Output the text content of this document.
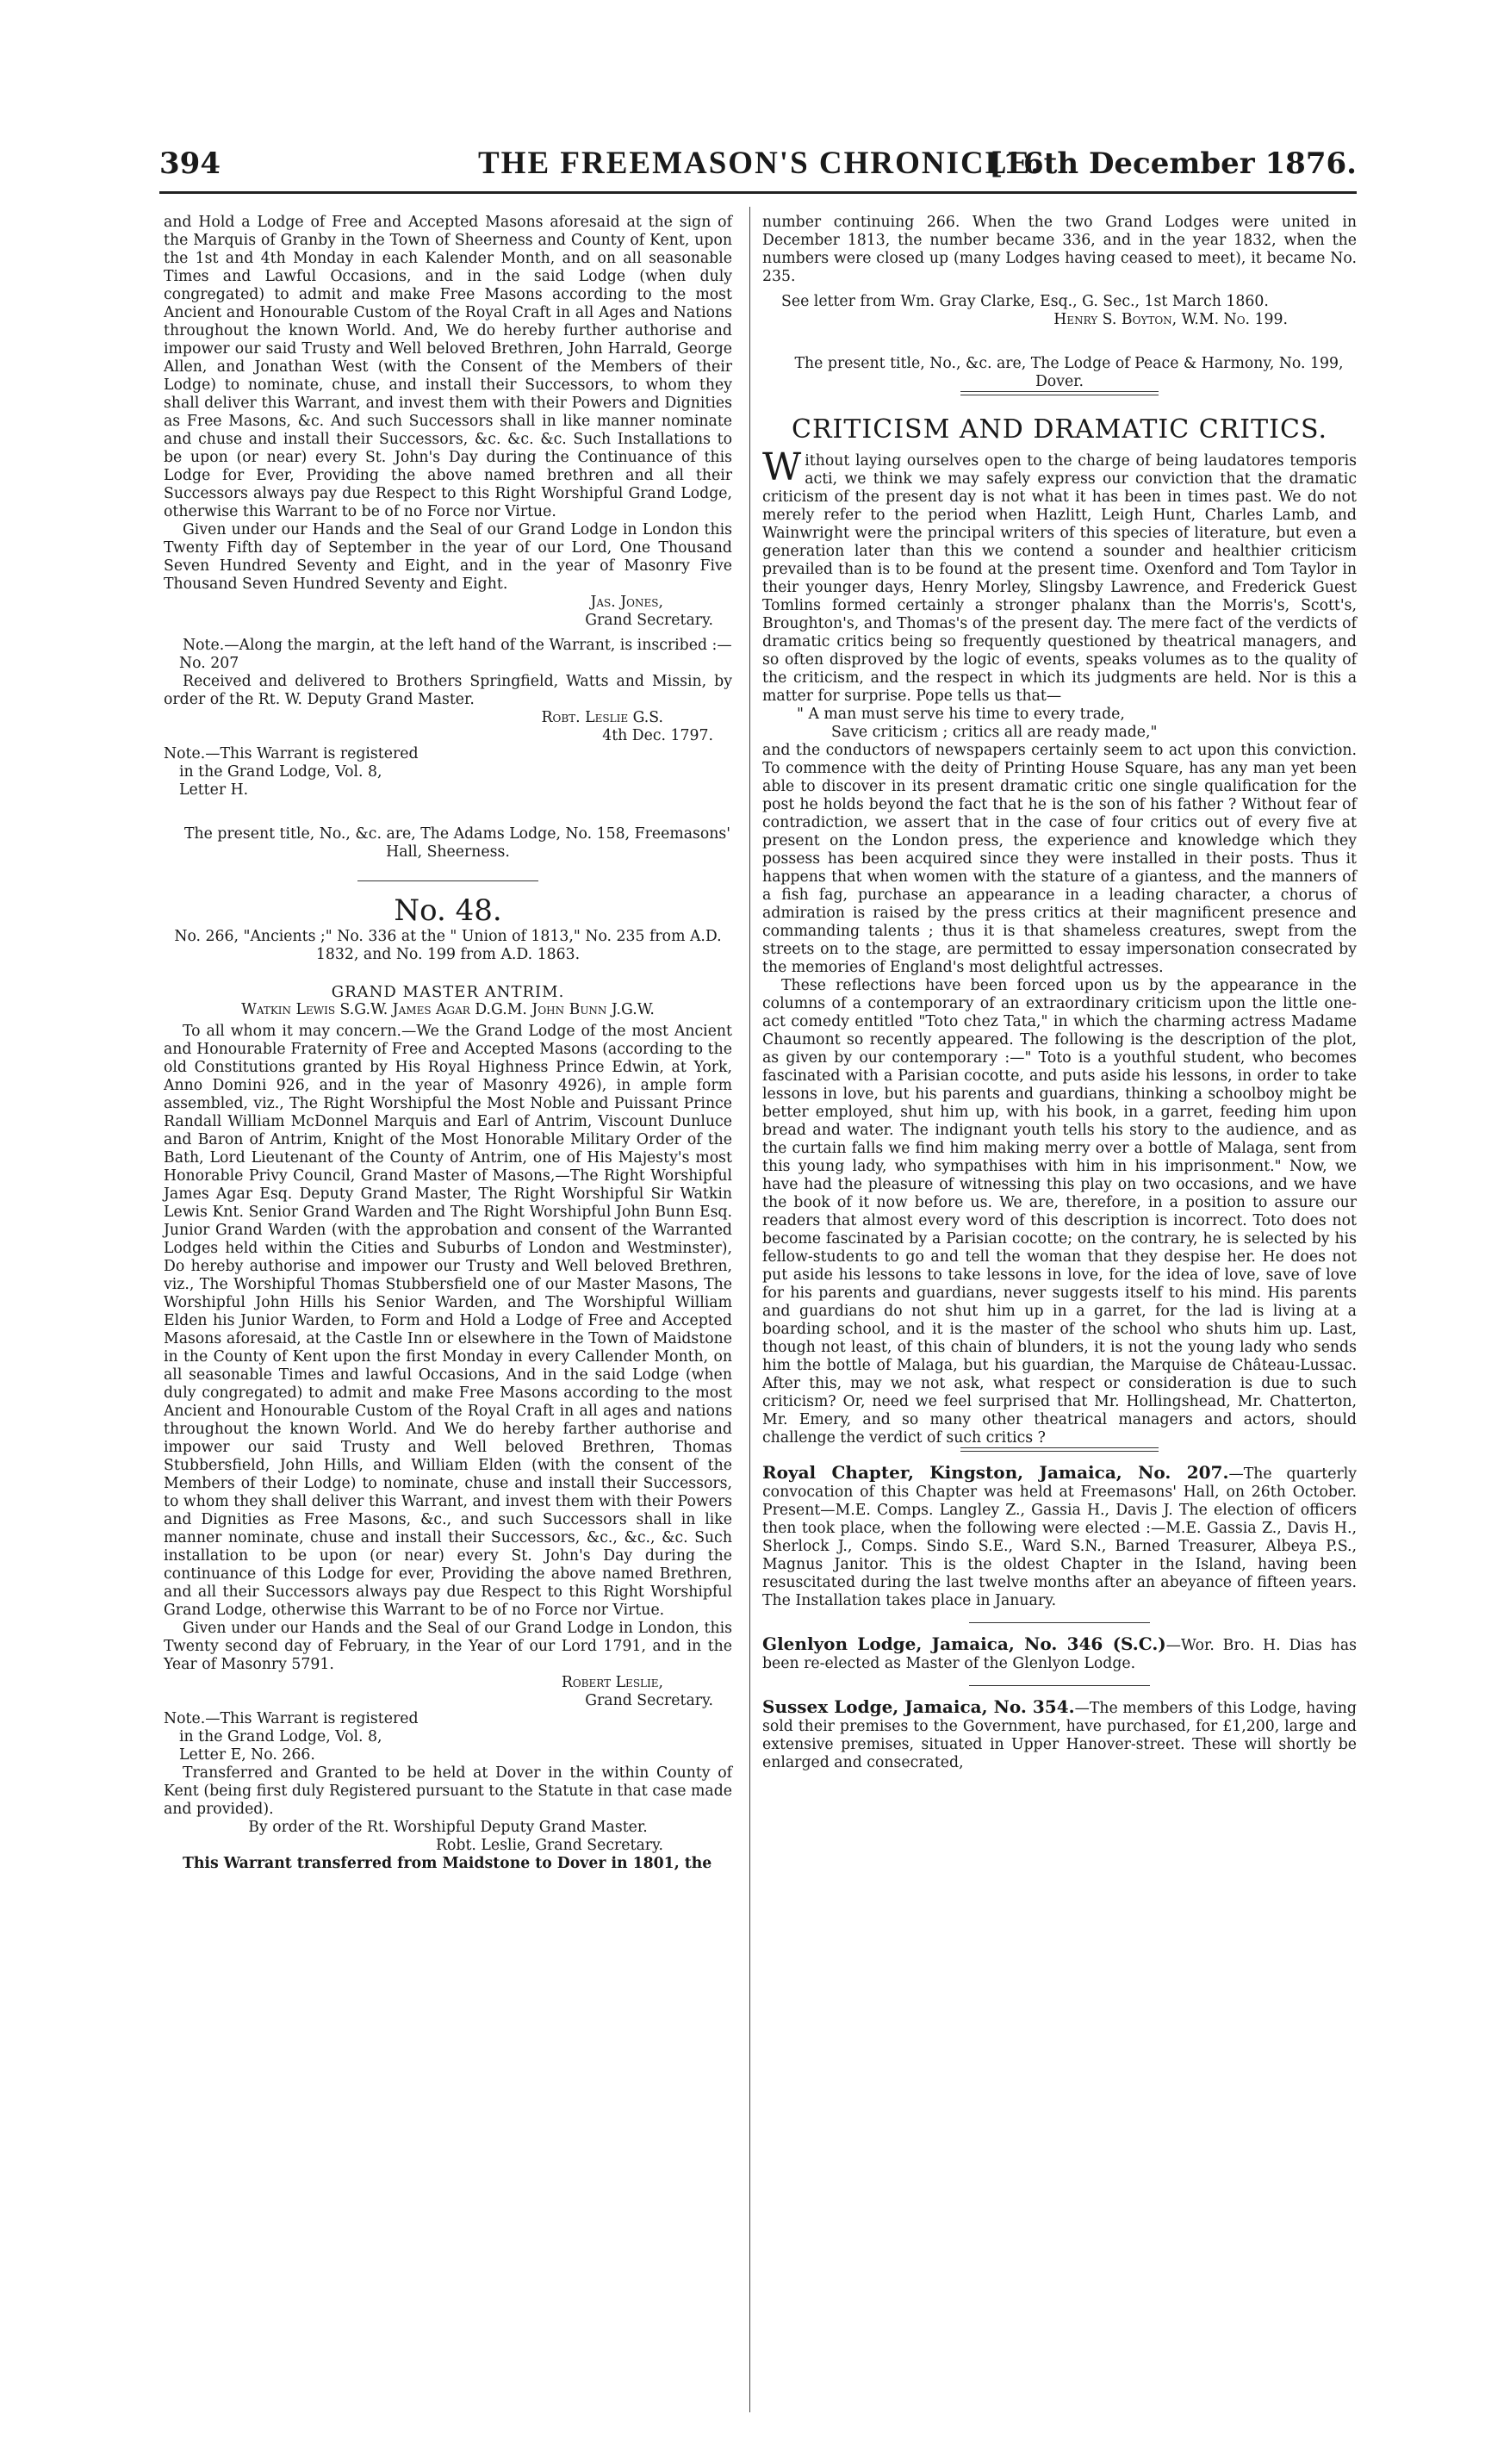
394	THE FREEMASON'S CHRONICLE.
[16th December 1876.

and Hold a Lodge of Free and Accepted Masons aforesaid at the sign of the Marquis of Granby in the Town of Sheerness and County of Kent, upon the 1st and 4th Monday in each Kalender Month, and on all seasonable Times and Lawful Occasions, and in the said Lodge (when duly congregated) to admit and make Free Masons according to the most Ancient and Honourable Custom of the Royal Craft in all Ages and Nations throughout the known World. And, We do hereby further authorise and impower our said Trusty and Well beloved Brethren, John Harrald, George Allen, and Jonathan West (with the Consent of the Members of their Lodge) to nominate, chuse, and install their Successors, to whom they shall deliver this Warrant, and invest them with their Powers and Dignities as Free Masons, &c. And such Successors shall in like manner nominate and chuse and install their Successors, &c. &c. &c. Such Installations to be upon (or near) every St. John's Day during the Continuance of this Lodge for Ever, Providing the above named brethren and all their Successors always pay due Respect to this Right Worshipful Grand Lodge, otherwise this Warrant to be of no Force nor Virtue.

Given under our Hands and the Seal of our Grand Lodge in London this Twenty Fifth day of September in the year of our Lord, One Thousand Seven Hundred Seventy and Eight, and in the year of Masonry Five Thousand Seven Hundred Seventy and Eight.

Jas. Jones,

Grand Secretary.

Note.—Along the margin, at the left hand of the Warrant, is inscribed :—

No. 207

Received and delivered to Brothers Springfield, Watts and Missin, by order of the Rt. W. Deputy Grand Master.

Robt. Leslie G.S.

4th Dec. 1797.

Note.—This Warrant is registered

in the Grand Lodge, Vol. 8,

Letter H.

The present title, No., &c. are, The Adams Lodge, No. 158, Freemasons' Hall, Sheerness.

No. 48.

No. 266, "Ancients ;" No. 336 at the " Union of 1813," No. 235 from A.D. 1832, and No. 199 from A.D. 1863.

GRAND MASTER ANTRIM.

Watkin Lewis S.G.W. James Agar D.G.M. John Bunn J.G.W.

To all whom it may concern.—We the Grand Lodge of the most Ancient and Honourable Fraternity of Free and Accepted Masons (according to the old Constitutions granted by His Royal Highness Prince Edwin, at York, Anno Domini 926, and in the year of Masonry 4926), in ample form assembled, viz., The Right Worshipful the Most Noble and Puissant Prince Randall William McDonnel Marquis and Earl of Antrim, Viscount Dunluce and Baron of Antrim, Knight of the Most Honorable Military Order of the Bath, Lord Lieutenant of the County of Antrim, one of His Majesty's most Honorable Privy Council, Grand Master of Masons,—The Right Worshipful James Agar Esq. Deputy Grand Master, The Right Worshipful Sir Watkin Lewis Knt. Senior Grand Warden and The Right Worshipful John Bunn Esq. Junior Grand Warden (with the approbation and consent of the Warranted Lodges held within the Cities and Suburbs of London and Westminster), Do hereby authorise and impower our Trusty and Well beloved Brethren, viz., The Worshipful Thomas Stubbersfield one of our Master Masons, The Worshipful John Hills his Senior Warden, and The Worshipful William Elden his Junior Warden, to Form and Hold a Lodge of Free and Accepted Masons aforesaid, at the Castle Inn or elsewhere in the Town of Maidstone in the County of Kent upon the first Monday in every Callender Month, on all seasonable Times and lawful Occasions, And in the said Lodge (when duly congregated) to admit and make Free Masons according to the most Ancient and Honourable Custom of the Royal Craft in all ages and nations throughout the known World. And We do hereby farther authorise and impower our said Trusty and Well beloved Brethren, Thomas Stubbersfield, John Hills, and William Elden (with the consent of the Members of their Lodge) to nominate, chuse and install their Successors, to whom they shall deliver this Warrant, and invest them with their Powers and Dignities as Free Masons, &c., and such Successors shall in like manner nominate, chuse and install their Successors, &c., &c., &c. Such installation to be upon (or near) every St. John's Day during the continuance of this Lodge for ever, Providing the above named Brethren, and all their Successors always pay due Respect to this Right Worshipful Grand Lodge, otherwise this Warrant to be of no Force nor Virtue.

Given under our Hands and the Seal of our Grand Lodge in London, this Twenty second day of February, in the Year of our Lord 1791, and in the Year of Masonry 5791.

Robert Leslie,

Grand Secretary.

Note.—This Warrant is registered

in the Grand Lodge, Vol. 8,

Letter E, No. 266.

Transferred and Granted to be held at Dover in the within County of Kent (being first duly Registered pursuant to the Statute in that case made and provided).

By order of the Rt. Worshipful Deputy Grand Master.

Robt. Leslie, Grand Secretary.

This Warrant transferred from Maidstone to Dover in 1801, the

number continuing 266. When the two Grand Lodges were united in December 1813, the number became 336, and in the year 1832, when the numbers were closed up (many Lodges having ceased to meet), it became No. 235.

See letter from Wm. Gray Clarke, Esq., G. Sec., 1st March 1860.

Henry S. Boyton, W.M. No. 199.

The present title, No., &c. are, The Lodge of Peace & Harmony, No. 199, Dover.

CRITICISM AND DRAMATIC CRITICS.

Without laying ourselves open to the charge of being laudatores temporis acti, we think we may safely express our conviction that the dramatic criticism of the present day is not what it has been in times past. We do not merely refer to the period when Hazlitt, Leigh Hunt, Charles Lamb, and Wainwright were the principal writers of this species of literature, but even a generation later than this we contend a sounder and healthier criticism prevailed than is to be found at the present time. Oxenford and Tom Taylor in their younger days, Henry Morley, Slingsby Lawrence, and Frederick Guest Tomlins formed certainly a stronger phalanx than the Morris's, Scott's, Broughton's, and Thomas's of the present day. The mere fact of the verdicts of dramatic critics being so frequently questioned by theatrical managers, and so often disproved by the logic of events, speaks volumes as to the quality of the criticism, and the respect in which its judgments are held. Nor is this a matter for surprise. Pope tells us that—

" A man must serve his time to every trade,

Save criticism ; critics all are ready made,"

and the conductors of newspapers certainly seem to act upon this conviction. To commence with the deity of Printing House Square, has any man yet been able to discover in its present dramatic critic one single qualification for the post he holds beyond the fact that he is the son of his father ? Without fear of contradiction, we assert that in the case of four critics out of every five at present on the London press, the experience and knowledge which they possess has been acquired since they were installed in their posts. Thus it happens that when women with the stature of a giantess, and the manners of a fish fag, purchase an appearance in a leading character, a chorus of admiration is raised by the press critics at their magnificent presence and commanding talents ; thus it is that shameless creatures, swept from the streets on to the stage, are permitted to essay impersonation consecrated by the memories of England's most delightful actresses.

These reflections have been forced upon us by the appearance in the columns of a contemporary of an extraordinary criticism upon the little one-act comedy entitled "Toto chez Tata," in which the charming actress Madame Chaumont so recently appeared. The following is the description of the plot, as given by our contemporary :—" Toto is a youthful student, who becomes fascinated with a Parisian cocotte, and puts aside his lessons, in order to take lessons in love, but his parents and guardians, thinking a schoolboy might be better employed, shut him up, with his book, in a garret, feeding him upon bread and water. The indignant youth tells his story to the audience, and as the curtain falls we find him making merry over a bottle of Malaga, sent from this young lady, who sympathises with him in his imprisonment." Now, we have had the pleasure of witnessing this play on two occasions, and we have the book of it now before us. We are, therefore, in a position to assure our readers that almost every word of this description is incorrect. Toto does not become fascinated by a Parisian cocotte; on the contrary, he is selected by his fellow-students to go and tell the woman that they despise her. He does not put aside his lessons to take lessons in love, for the idea of love, save of love for his parents and guardians, never suggests itself to his mind. His parents and guardians do not shut him up in a garret, for the lad is living at a boarding school, and it is the master of the school who shuts him up. Last, though not least, of this chain of blunders, it is not the young lady who sends him the bottle of Malaga, but his guardian, the Marquise de Château-Lussac. After this, may we not ask, what respect or consideration is due to such criticism? Or, need we feel surprised that Mr. Hollingshead, Mr. Chatterton, Mr. Emery, and so many other theatrical managers and actors, should challenge the verdict of such critics ?

Royal Chapter, Kingston, Jamaica, No. 207.—The quarterly convocation of this Chapter was held at Freemasons' Hall, on 26th October. Present—M.E. Comps. Langley Z., Gassia H., Davis J. The election of officers then took place, when the following were elected :—M.E. Gassia Z., Davis H., Sherlock J., Comps. Sindo S.E., Ward S.N., Barned Treasurer, Albeya P.S., Magnus Janitor. This is the oldest Chapter in the Island, having been resuscitated during the last twelve months after an abeyance of fifteen years. The Installation takes place in January.

Glenlyon Lodge, Jamaica, No. 346 (S.C.)—Wor. Bro. H. Dias has been re-elected as Master of the Glenlyon Lodge.

Sussex Lodge, Jamaica, No. 354.—The members of this Lodge, having sold their premises to the Government, have purchased, for £1,200, large and extensive premises, situated in Upper Hanover-street. These will shortly be enlarged and consecrated,
